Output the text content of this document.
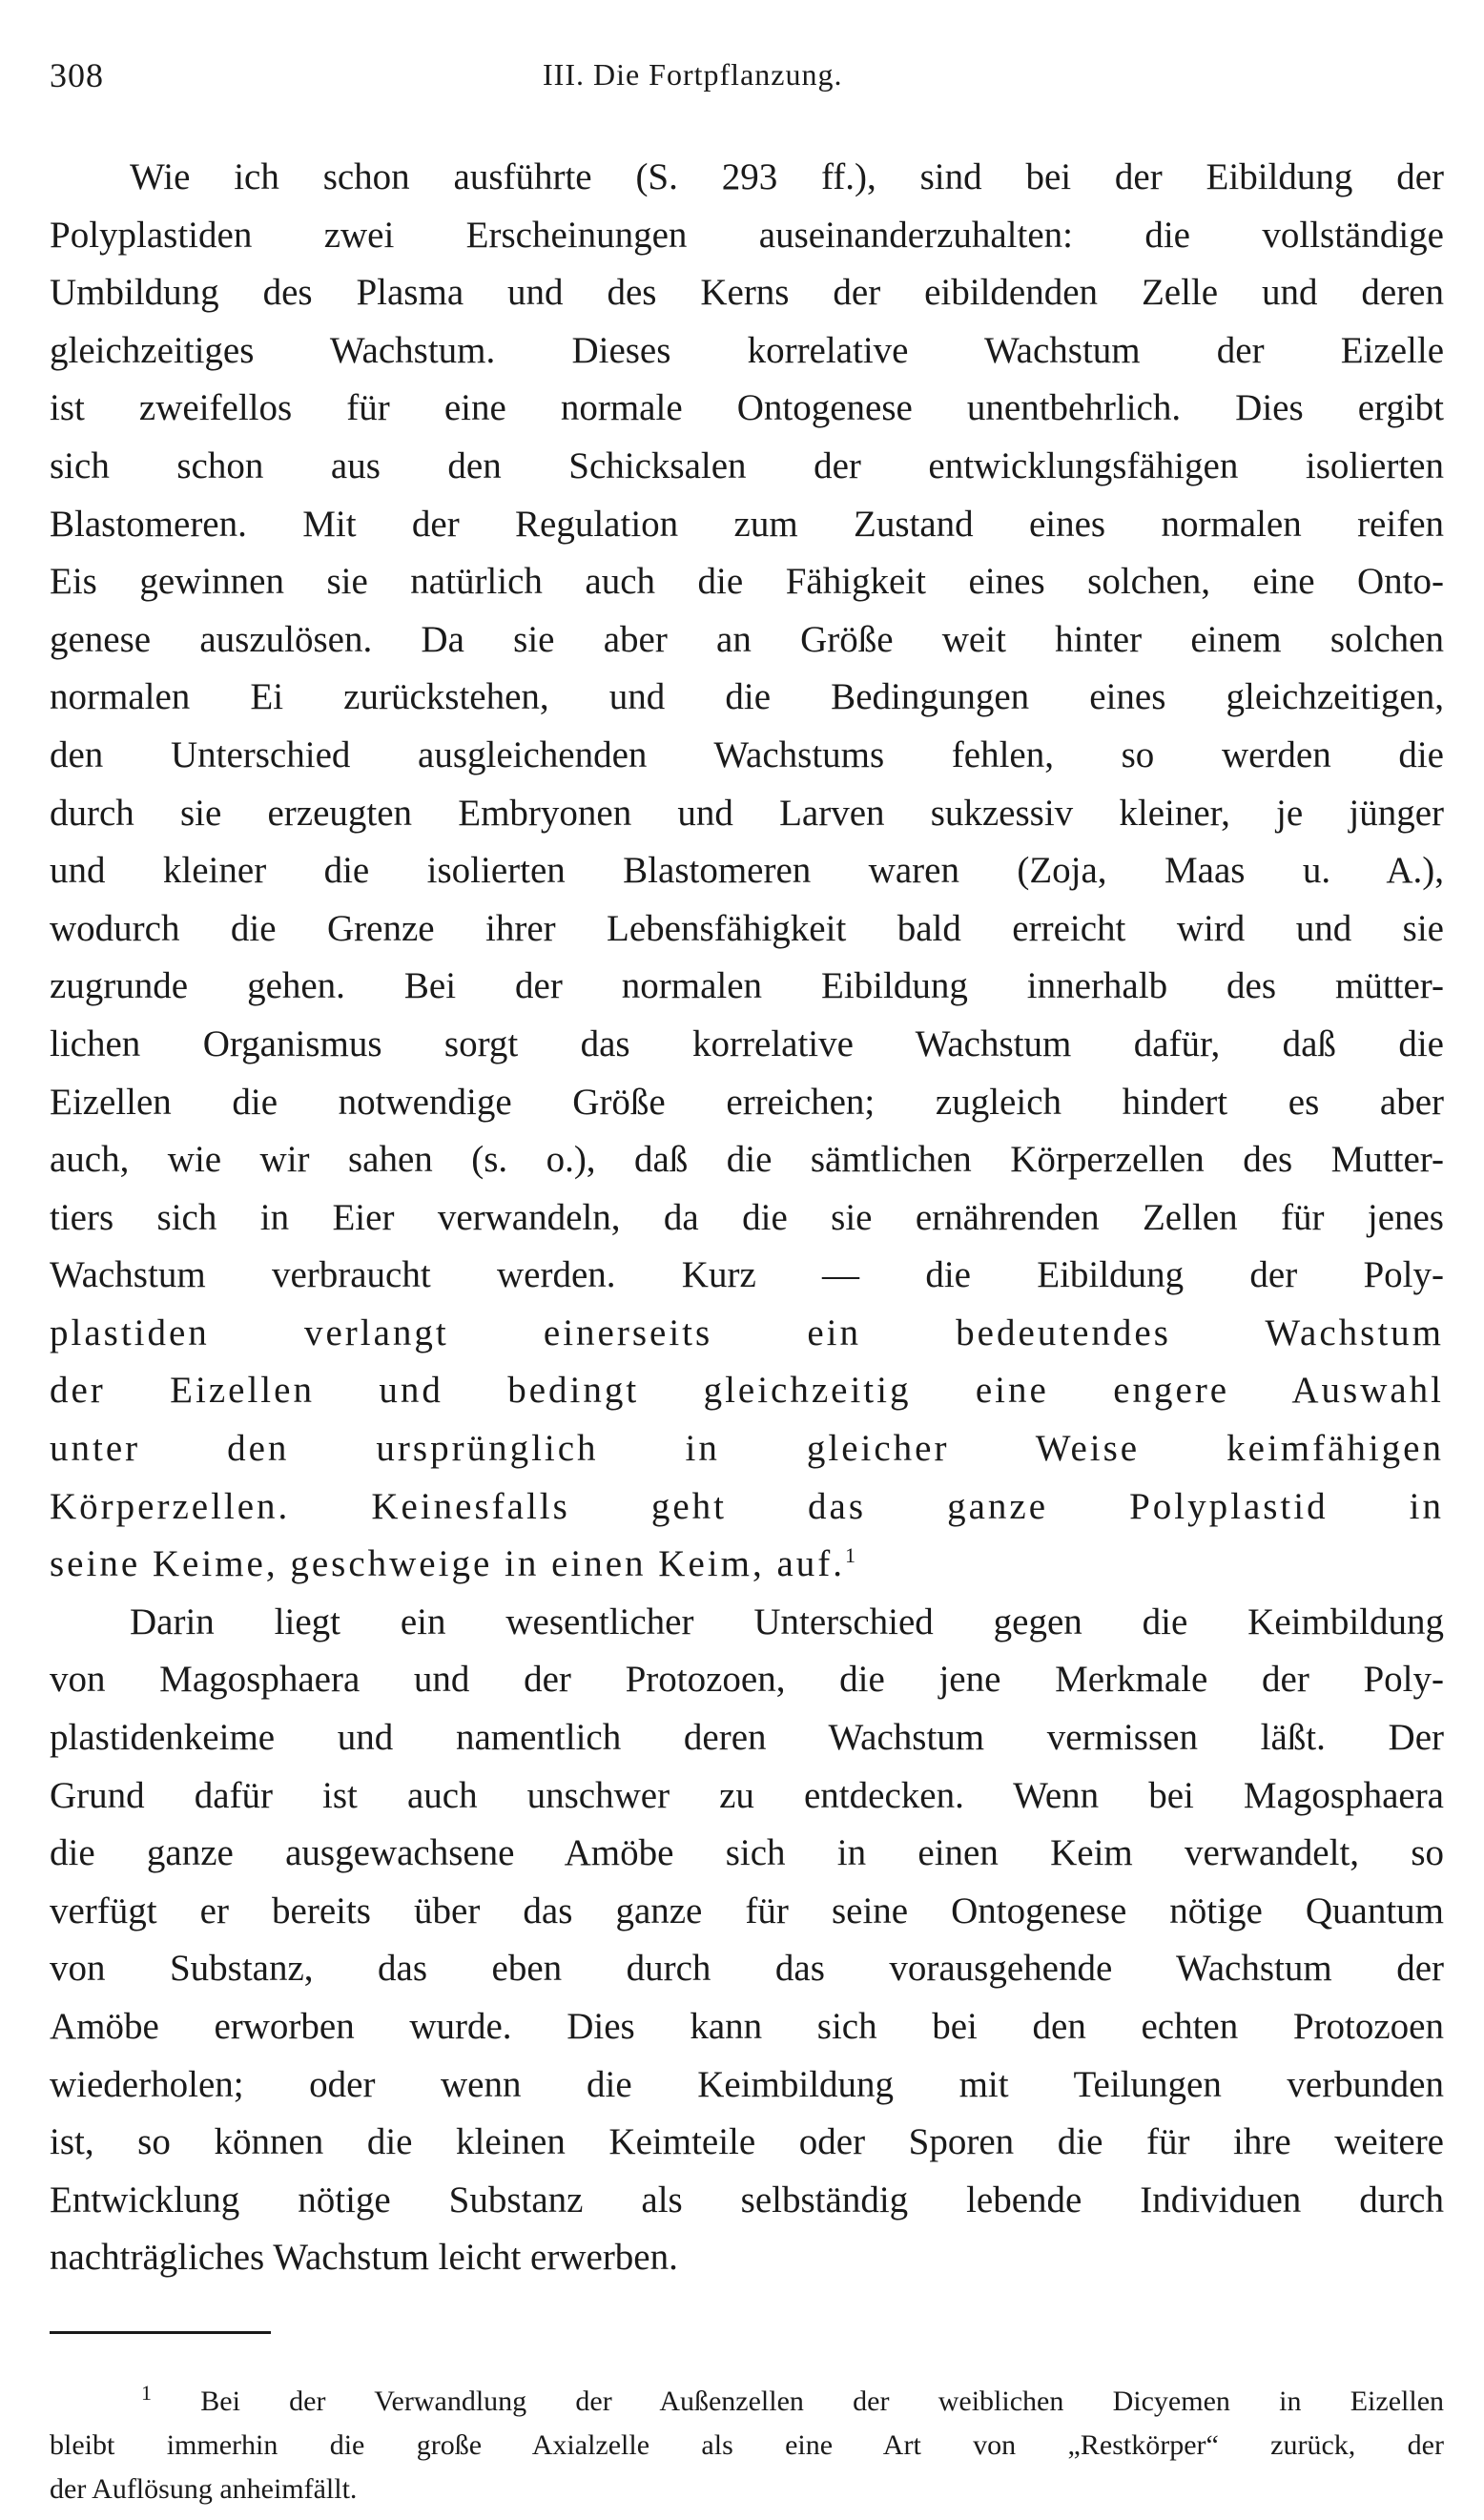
308	III. Die Fortpflanzung.
Wie ich schon ausführte (S. 293 ff.), sind bei der Eibildung der
Polyplastiden zwei Erscheinungen auseinanderzuhalten: die vollständige
Umbildung des Plasma und des Kerns der eibildenden Zelle und deren
gleichzeitiges Wachstum. Dieses korrelative Wachstum der Eizelle
ist zweifellos für eine normale Ontogenese unentbehrlich. Dies ergibt
sich schon aus den Schicksalen der entwicklungsfähigen isolierten
Blastomeren. Mit der Regulation zum Zustand eines normalen reifen
Eis gewinnen sie natürlich auch die Fähigkeit eines solchen, eine Onto-
genese auszulösen. Da sie aber an Größe weit hinter einem solchen
normalen Ei zurückstehen, und die Bedingungen eines gleichzeitigen,
den Unterschied ausgleichenden Wachstums fehlen, so werden die
durch sie erzeugten Embryonen und Larven sukzessiv kleiner, je jünger
und kleiner die isolierten Blastomeren waren (Zoja, Maas u. A.),
wodurch die Grenze ihrer Lebensfähigkeit bald erreicht wird und sie
zugrunde gehen. Bei der normalen Eibildung innerhalb des mütter-
lichen Organismus sorgt das korrelative Wachstum dafür, daß die
Eizellen die notwendige Größe erreichen; zugleich hindert es aber
auch, wie wir sahen (s. o.), daß die sämtlichen Körperzellen des Mutter-
tiers sich in Eier verwandeln, da die sie ernährenden Zellen für jenes
Wachstum verbraucht werden. Kurz — die Eibildung der Poly-
plastiden verlangt einerseits ein bedeutendes Wachstum
der Eizellen und bedingt gleichzeitig eine engere Auswahl
unter den ursprünglich in gleicher Weise keimfähigen
Körperzellen. Keinesfalls geht das ganze Polyplastid in
seine Keime, geschweige in einen Keim, auf.$^1$
Darin liegt ein wesentlicher Unterschied gegen die Keimbildung
von Magosphaera und der Protozoen, die jene Merkmale der Poly-
plastidenkeime und namentlich deren Wachstum vermissen läßt. Der
Grund dafür ist auch unschwer zu entdecken. Wenn bei Magosphaera
die ganze ausgewachsene Amöbe sich in einen Keim verwandelt, so
verfügt er bereits über das ganze für seine Ontogenese nötige Quantum
von Substanz, das eben durch das vorausgehende Wachstum der
Amöbe erworben wurde. Dies kann sich bei den echten Protozoen
wiederholen; oder wenn die Keimbildung mit Teilungen verbunden
ist, so können die kleinen Keimteile oder Sporen die für ihre weitere
Entwicklung nötige Substanz als selbständig lebende Individuen durch
nachträgliches Wachstum leicht erwerben.
$^1$ Bei der Verwandlung der Außenzellen der weiblichen Dicyemen in Eizellen
bleibt immerhin die große Axialzelle als eine Art von „Restkörper“ zurück, der
der Auflösung anheimfällt.
